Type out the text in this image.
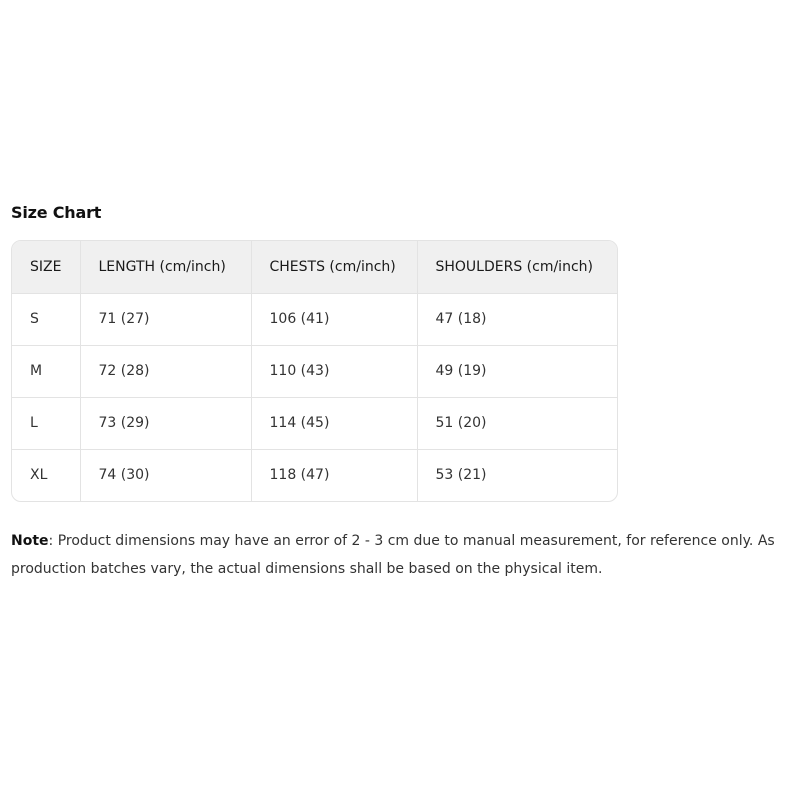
Size Chart
SIZE	LENGTH (cm/inch)	CHESTS (cm/inch)	SHOULDERS (cm/inch)
S	71 (27)	106 (41)	47 (18)
M	72 (28)	110 (43)	49 (19)
L	73 (29)	114 (45)	51 (20)
XL	74 (30)	118 (47)	53 (21)
Note: Product dimensions may have an error of 2 - 3 cm due to manual measurement, for reference only. As production batches vary, the actual dimensions shall be based on the physical item.
